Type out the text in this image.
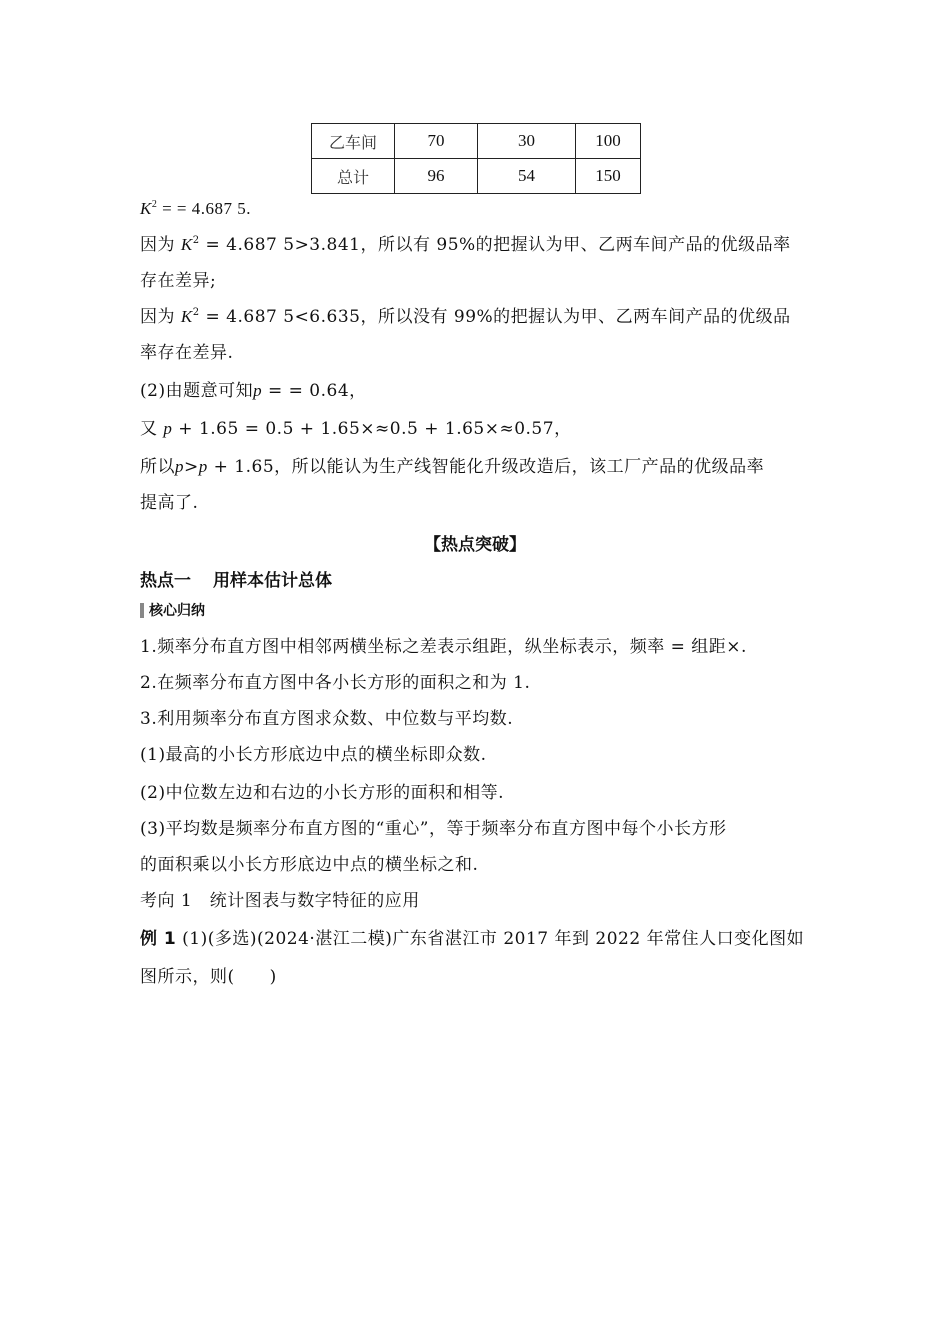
乙车间	70	30	100
总计	96	54	150
$K^2$ = = 4.687 5.
因为 $K^2 = 4.687$ 5>3.841，所以有 95%的把握认为甲、乙两车间产品的优级品率
存在差异;
因为 $K^2 = 4.687$ 5<6.635，所以没有 99%的把握认为甲、乙两车间产品的优级品
率存在差异.
(2)由题意可知p = = 0.64，
又 p + 1.65 = 0.5 + 1.65×≈0.5 + 1.65×≈0.57，
所以p>p + 1.65，所以能认为生产线智能化升级改造后，该工厂产品的优级品率
提高了.
【热点突破】
热点一 用样本估计总体
核心归纳
1.频率分布直方图中相邻两横坐标之差表示组距，纵坐标表示，频率 = 组距×.
2.在频率分布直方图中各小长方形的面积之和为 1.
3.利用频率分布直方图求众数、中位数与平均数.
(1)最高的小长方形底边中点的横坐标即众数.
(2)中位数左边和右边的小长方形的面积和相等.
(3)平均数是频率分布直方图的“重心”，等于频率分布直方图中每个小长方形
的面积乘以小长方形底边中点的横坐标之和.
考向 1　统计图表与数字特征的应用
例 1 (1)(多选)(2024·湛江二模)广东省湛江市 2017 年到 2022 年常住人口变化图如
图所示，则(　　)
